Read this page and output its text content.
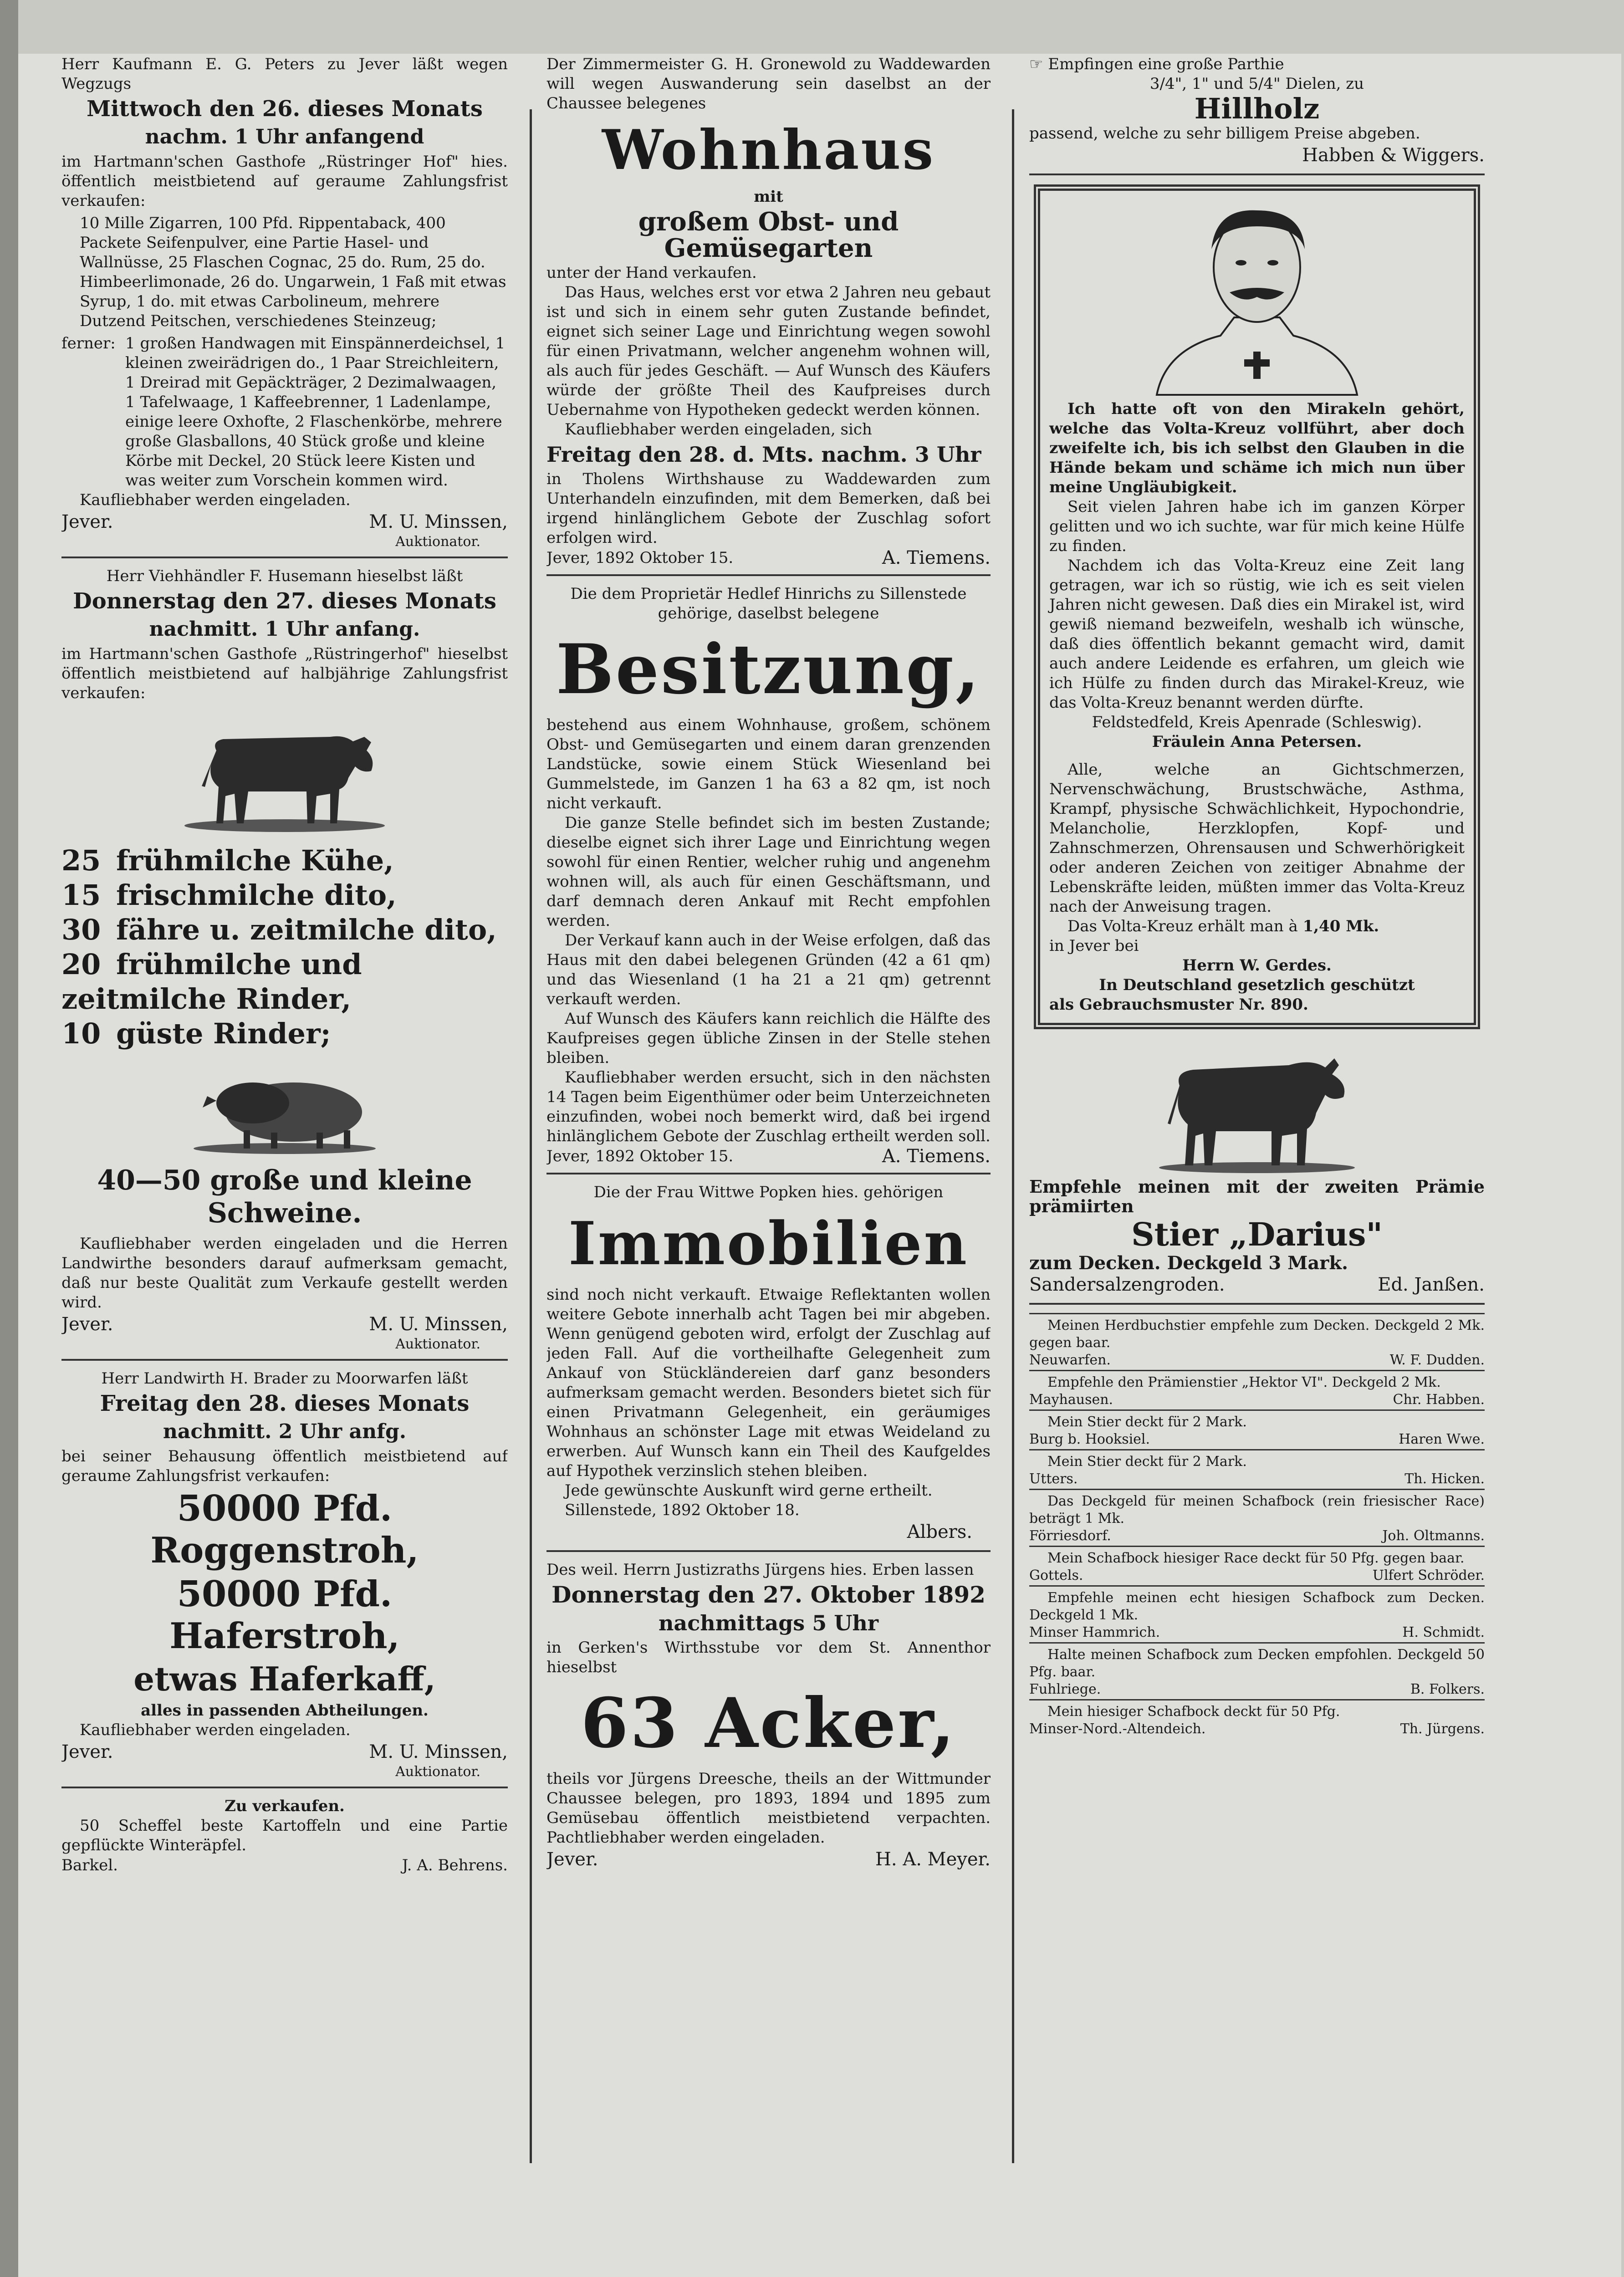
Herr Kaufmann E. G. Peters zu Jever läßt wegen Wegzugs

Mittwoch den 26. dieses Monats

nachm. 1 Uhr anfangend

im Hartmann'schen Gasthofe „Rüstringer Hof" hies. öffentlich meistbietend auf geraume Zahlungsfrist verkaufen:

10 Mille Zigarren, 100 Pfd. Rippentaback, 400 Packete Seifenpulver, eine Partie Hasel- und Wallnüsse, 25 Flaschen Cognac, 25 do. Rum, 25 do. Himbeerlimonade, 26 do. Ungarwein, 1 Faß mit etwas Syrup, 1 do. mit etwas Carbolineum, mehrere Dutzend Peitschen, verschiedenes Steinzeug;

ferner: 1 großen Handwagen mit Einspännerdeichsel, 1 kleinen zweirädrigen do., 1 Paar Streichleitern, 1 Dreirad mit Gepäckträger, 2 Dezimalwaagen, 1 Tafelwaage, 1 Kaffeebrenner, 1 Ladenlampe, einige leere Oxhofte, 2 Flaschenkörbe, mehrere große Glasballons, 40 Stück große und kleine Körbe mit Deckel, 20 Stück leere Kisten und was weiter zum Vorschein kommen wird.

Kaufliebhaber werden eingeladen.

Jever.	M. U. Minssen,
Auktionator.

Herr Viehhändler F. Husemann hieselbst läßt

Donnerstag den 27. dieses Monats

nachmitt. 1 Uhr anfang.

im Hartmann'schen Gasthofe „Rüstringerhof" hieselbst öffentlich meistbietend auf halbjährige Zahlungsfrist verkaufen:

25 frühmilche Kühe,

15 frischmilche dito,

30 fähre u. zeitmilche dito,

20 frühmilche und zeitmilche Rinder,

10 güste Rinder;

40—50 große und kleine Schweine.

Kaufliebhaber werden eingeladen und die Herren Landwirthe besonders darauf aufmerksam gemacht, daß nur beste Qualität zum Verkaufe gestellt werden wird.

Jever.	M. U. Minssen,
Auktionator.

Herr Landwirth H. Brader zu Moorwarfen läßt

Freitag den 28. dieses Monats

nachmitt. 2 Uhr anfg.

bei seiner Behausung öffentlich meistbietend auf geraume Zahlungsfrist verkaufen:

50000 Pfd. Roggenstroh,

50000 Pfd. Haferstroh,

etwas Haferkaff,

alles in passenden Abtheilungen.

Kaufliebhaber werden eingeladen.

Jever.	M. U. Minssen,
Auktionator.

Zu verkaufen.

50 Scheffel beste Kartoffeln und eine Partie gepflückte Winteräpfel.

Barkel.	J. A. Behrens.

Der Zimmermeister G. H. Gronewold zu Waddewarden will wegen Auswanderung sein daselbst an der Chaussee belegenes

Wohnhaus

mit

großem Obst- und Gemüsegarten

unter der Hand verkaufen.

Das Haus, welches erst vor etwa 2 Jahren neu gebaut ist und sich in einem sehr guten Zustande befindet, eignet sich seiner Lage und Einrichtung wegen sowohl für einen Privatmann, welcher angenehm wohnen will, als auch für jedes Geschäft. — Auf Wunsch des Käufers würde der größte Theil des Kaufpreises durch Uebernahme von Hypotheken gedeckt werden können.

Kaufliebhaber werden eingeladen, sich

Freitag den 28. d. Mts. nachm. 3 Uhr

in Tholens Wirthshause zu Waddewarden zum Unterhandeln einzufinden, mit dem Bemerken, daß bei irgend hinlänglichem Gebote der Zuschlag sofort erfolgen wird.

Jever, 1892 Oktober 15.	A. Tiemens.

Die dem Proprietär Hedlef Hinrichs zu Sillenstede gehörige, daselbst belegene

Besitzung,

bestehend aus einem Wohnhause, großem, schönem Obst- und Gemüsegarten und einem daran grenzenden Landstücke, sowie einem Stück Wiesenland bei Gummelstede, im Ganzen 1 ha 63 a 82 qm, ist noch nicht verkauft.

Die ganze Stelle befindet sich im besten Zustande; dieselbe eignet sich ihrer Lage und Einrichtung wegen sowohl für einen Rentier, welcher ruhig und angenehm wohnen will, als auch für einen Geschäftsmann, und darf demnach deren Ankauf mit Recht empfohlen werden.

Der Verkauf kann auch in der Weise erfolgen, daß das Haus mit den dabei belegenen Gründen (42 a 61 qm) und das Wiesenland (1 ha 21 a 21 qm) getrennt verkauft werden.

Auf Wunsch des Käufers kann reichlich die Hälfte des Kaufpreises gegen übliche Zinsen in der Stelle stehen bleiben.

Kaufliebhaber werden ersucht, sich in den nächsten 14 Tagen beim Eigenthümer oder beim Unterzeichneten einzufinden, wobei noch bemerkt wird, daß bei irgend hinlänglichem Gebote der Zuschlag ertheilt werden soll.

Jever, 1892 Oktober 15.	A. Tiemens.

Die der Frau Wittwe Popken hies. gehörigen

Immobilien

sind noch nicht verkauft. Etwaige Reflektanten wollen weitere Gebote innerhalb acht Tagen bei mir abgeben. Wenn genügend geboten wird, erfolgt der Zuschlag auf jeden Fall. Auf die vortheilhafte Gelegenheit zum Ankauf von Stückländereien darf ganz besonders aufmerksam gemacht werden. Besonders bietet sich für einen Privatmann Gelegenheit, ein geräumiges Wohnhaus an schönster Lage mit etwas Weideland zu erwerben. Auf Wunsch kann ein Theil des Kaufgeldes auf Hypothek verzinslich stehen bleiben.

Jede gewünschte Auskunft wird gerne ertheilt.

Sillenstede, 1892 Oktober 18.

Albers.

Des weil. Herrn Justizraths Jürgens hies. Erben lassen

Donnerstag den 27. Oktober 1892

nachmittags 5 Uhr

in Gerken's Wirthsstube vor dem St. Annenthor hieselbst

63 Acker,

theils vor Jürgens Dreesche, theils an der Wittmunder Chaussee belegen, pro 1893, 1894 und 1895 zum Gemüsebau öffentlich meistbietend verpachten. Pachtliebhaber werden eingeladen.

Jever.	H. A. Meyer.

☞ Empfingen eine große Parthie

3/4", 1" und 5/4" Dielen, zu

Hillholz

passend, welche zu sehr billigem Preise abgeben.

Habben & Wiggers.

Ich hatte oft von den Mirakeln gehört, welche das Volta-Kreuz vollführt, aber doch zweifelte ich, bis ich selbst den Glauben in die Hände bekam und schäme ich mich nun über meine Ungläubigkeit.

Seit vielen Jahren habe ich im ganzen Körper gelitten und wo ich suchte, war für mich keine Hülfe zu finden.

Nachdem ich das Volta-Kreuz eine Zeit lang getragen, war ich so rüstig, wie ich es seit vielen Jahren nicht gewesen. Daß dies ein Mirakel ist, wird gewiß niemand bezweifeln, weshalb ich wünsche, daß dies öffentlich bekannt gemacht wird, damit auch andere Leidende es erfahren, um gleich wie ich Hülfe zu finden durch das Mirakel-Kreuz, wie das Volta-Kreuz benannt werden dürfte.

Feldstedfeld, Kreis Apenrade (Schleswig).

Fräulein Anna Petersen.

Alle, welche an Gichtschmerzen, Nervenschwächung, Brustschwäche, Asthma, Krampf, physische Schwächlichkeit, Hypochondrie, Melancholie, Herzklopfen, Kopf- und Zahnschmerzen, Ohrensausen und Schwerhörigkeit oder anderen Zeichen von zeitiger Abnahme der Lebenskräfte leiden, müßten immer das Volta-Kreuz nach der Anweisung tragen.

Das Volta-Kreuz erhält man à 1,40 Mk.

in Jever bei

Herrn W. Gerdes.

In Deutschland gesetzlich geschützt

als Gebrauchsmuster Nr. 890.

Empfehle meinen mit der zweiten Prämie prämiirten

Stier „Darius"

zum Decken. Deckgeld 3 Mark.

Sandersalzengroden.	Ed. Janßen.

Meinen Herdbuchstier empfehle zum Decken. Deckgeld 2 Mk. gegen baar.

Neuwarfen.	W. F. Dudden.

Empfehle den Prämienstier „Hektor VI". Deckgeld 2 Mk.

Mayhausen.	Chr. Habben.

Mein Stier deckt für 2 Mark.

Burg b. Hooksiel.	Haren Wwe.

Mein Stier deckt für 2 Mark.

Utters.	Th. Hicken.

Das Deckgeld für meinen Schafbock (rein friesischer Race) beträgt 1 Mk.

Förriesdorf.	Joh. Oltmanns.

Mein Schafbock hiesiger Race deckt für 50 Pfg. gegen baar.

Gottels.	Ulfert Schröder.

Empfehle meinen echt hiesigen Schafbock zum Decken. Deckgeld 1 Mk.

Minser Hammrich.	H. Schmidt.

Halte meinen Schafbock zum Decken empfohlen. Deckgeld 50 Pfg. baar.

Fuhlriege.	B. Folkers.

Mein hiesiger Schafbock deckt für 50 Pfg.

Minser-Nord.-Altendeich.	Th. Jürgens.
